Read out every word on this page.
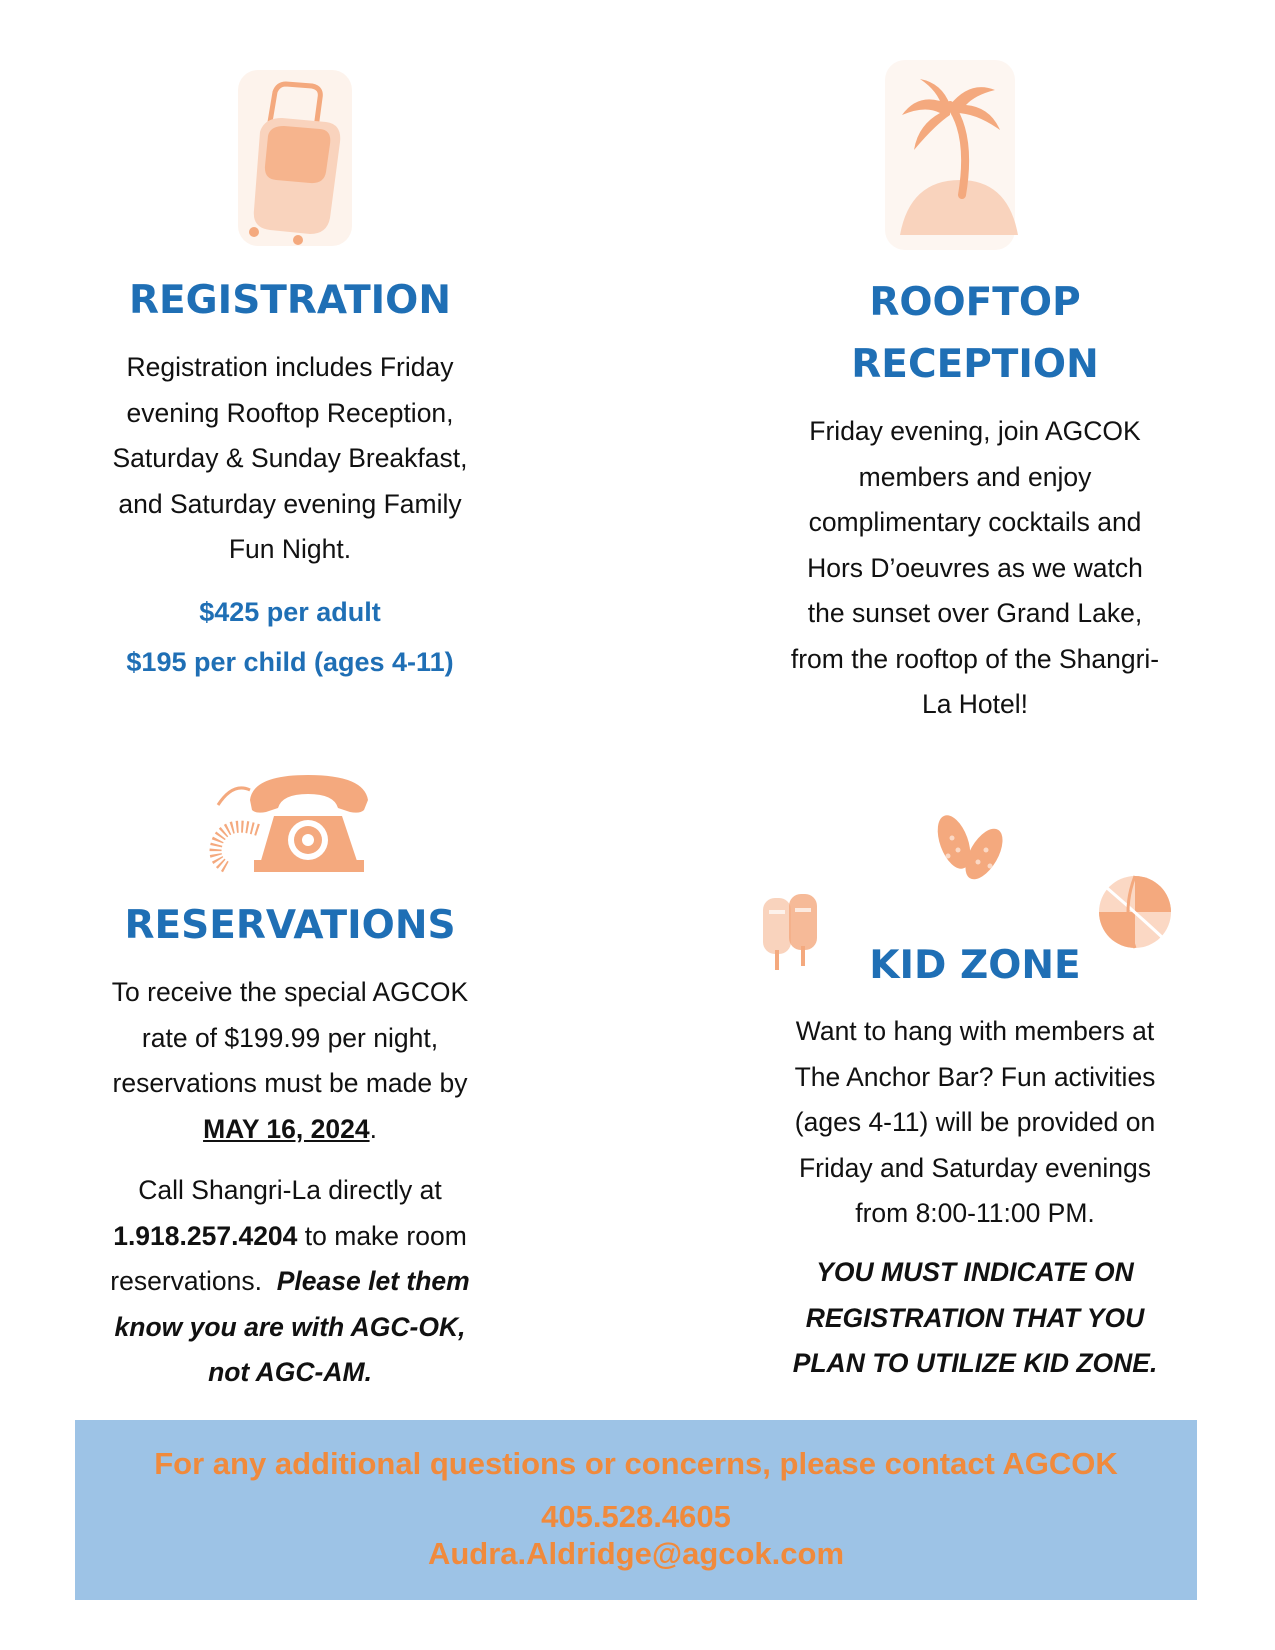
REGISTRATION
Registration includes Friday
evening Rooftop Reception,
Saturday & Sunday Breakfast,
and Saturday evening Family
Fun Night.
$425 per adult
$195 per child (ages 4-11)
ROOFTOP
RECEPTION
Friday evening, join AGCOK
members and enjoy
complimentary cocktails and
Hors D’oeuvres as we watch
the sunset over Grand Lake,
from the rooftop of the Shangri-
La Hotel!
RESERVATIONS
To receive the special AGCOK
rate of $199.99 per night,
reservations must be made by
MAY 16, 2024.
Call Shangri-La directly at
1.918.257.4204 to make room
reservations.  Please let them
know you are with AGC-OK,
not AGC-AM.
KID ZONE
Want to hang with members at
The Anchor Bar? Fun activities
(ages 4-11) will be provided on
Friday and Saturday evenings
from 8:00-11:00 PM.
YOU MUST INDICATE ON
REGISTRATION THAT YOU
PLAN TO UTILIZE KID ZONE.
For any additional questions or concerns, please contact AGCOK
405.528.4605
Audra.Aldridge@agcok.com
